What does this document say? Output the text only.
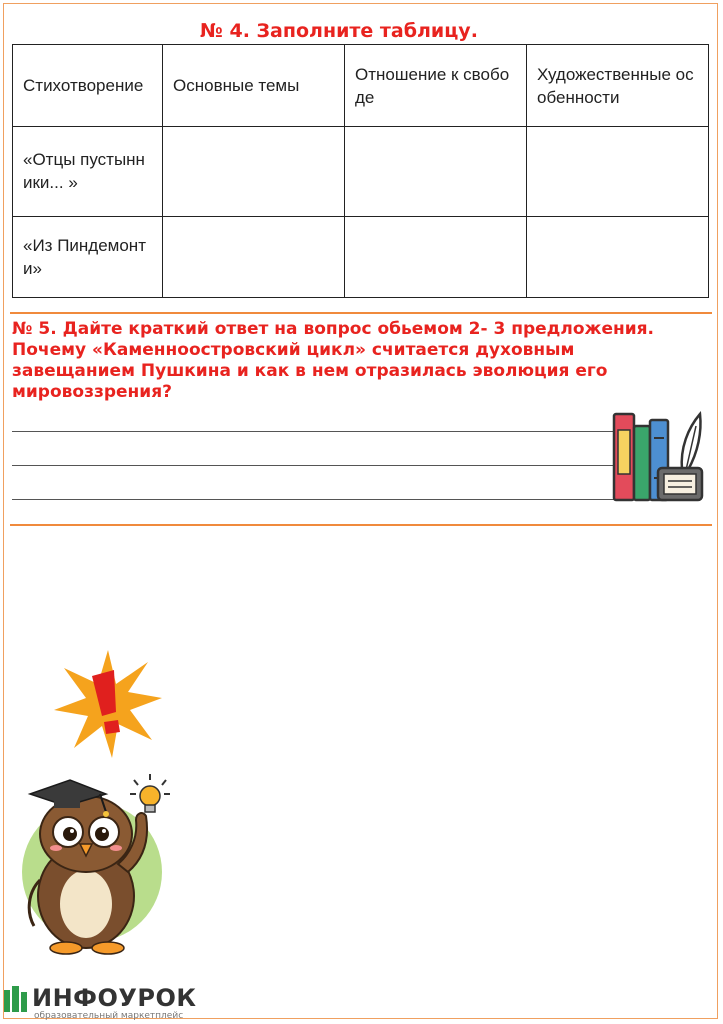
№ 4. Заполните таблицу.
Стихотворение	Основные темы	Отношение к свободе	Художественные особенности
«Отцы пустынники... »			
«Из Пиндемонти»			
№ 5. Дайте краткий ответ на вопрос обьемом 2- 3 предложения. Почему «Каменноостровский цикл» считается духовным завещанием Пушкина и как в нем отразилась эволюция его мировоззрения?
ИНФОУРОК
образовательный маркетплейс
